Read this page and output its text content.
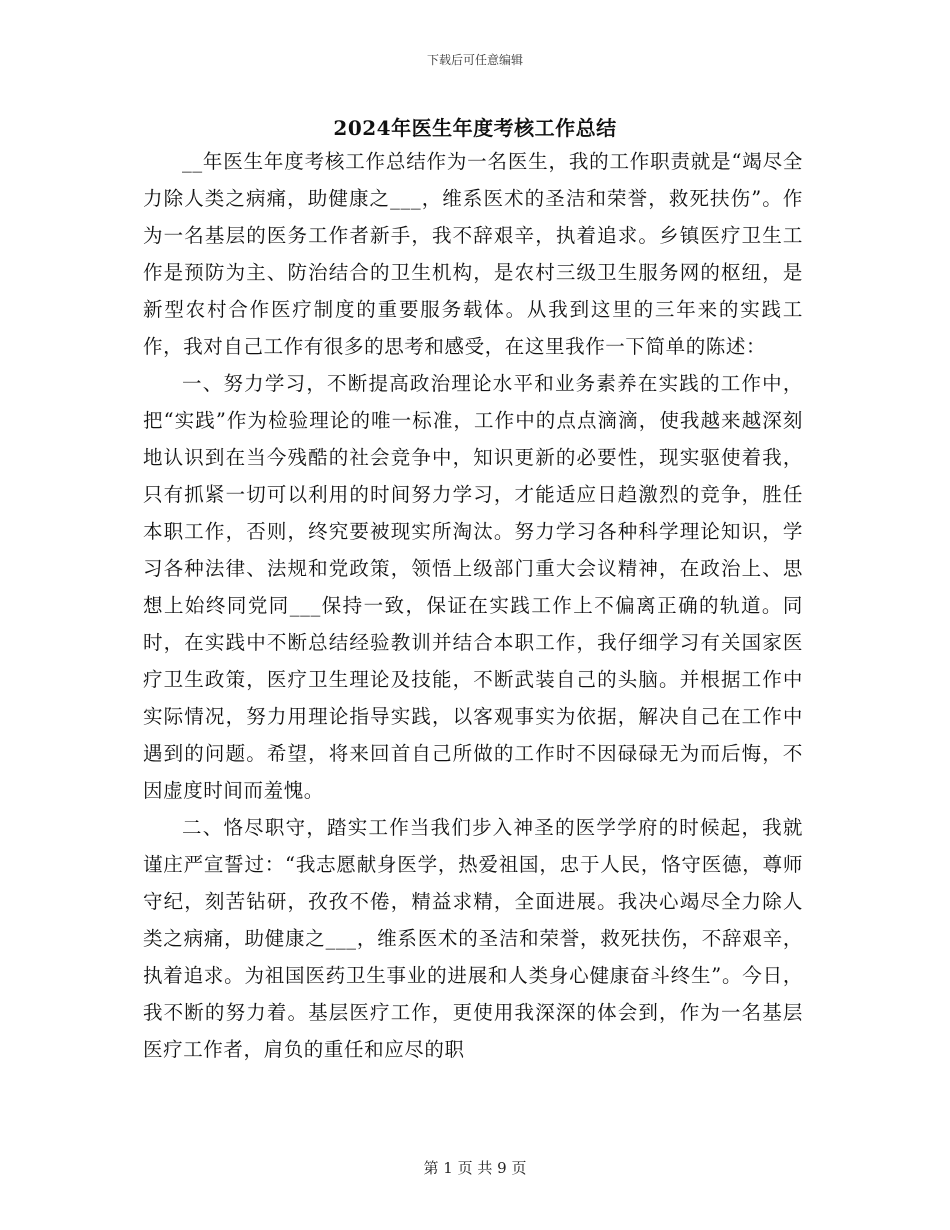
下载后可任意编辑
2024年医生年度考核工作总结

__年医生年度考核工作总结作为一名医生，我的工作职责就是“竭尽全力除人类之病痛，助健康之___，维系医术的圣洁和荣誉，救死扶伤”。作为一名基层的医务工作者新手，我不辞艰辛，执着追求。乡镇医疗卫生工作是预防为主、防治结合的卫生机构，是农村三级卫生服务网的枢纽，是新型农村合作医疗制度的重要服务载体。从我到这里的三年来的实践工作，我对自己工作有很多的思考和感受，在这里我作一下简单的陈述：

一、努力学习，不断提高政治理论水平和业务素养在实践的工作中，把“实践”作为检验理论的唯一标准，工作中的点点滴滴，使我越来越深刻地认识到在当今残酷的社会竞争中，知识更新的必要性，现实驱使着我，只有抓紧一切可以利用的时间努力学习，才能适应日趋激烈的竞争，胜任本职工作，否则，终究要被现实所淘汰。努力学习各种科学理论知识，学习各种法律、法规和党政策，领悟上级部门重大会议精神，在政治上、思想上始终同党同___保持一致，保证在实践工作上不偏离正确的轨道。同时，在实践中不断总结经验教训并结合本职工作，我仔细学习有关国家医疗卫生政策，医疗卫生理论及技能，不断武装自己的头脑。并根据工作中实际情况，努力用理论指导实践，以客观事实为依据，解决自己在工作中遇到的问题。希望，将来回首自己所做的工作时不因碌碌无为而后悔，不因虚度时间而羞愧。

二、恪尽职守，踏实工作当我们步入神圣的医学学府的时候起，我就谨庄严宣誓过：“我志愿献身医学，热爱祖国，忠于人民，恪守医德，尊师守纪，刻苦钻研，孜孜不倦，精益求精，全面进展。我决心竭尽全力除人类之病痛，助健康之___，维系医术的圣洁和荣誉，救死扶伤，不辞艰辛，执着追求。为祖国医药卫生事业的进展和人类身心健康奋斗终生”。今日，我不断的努力着。基层医疗工作，更使用我深深的体会到，作为一名基层医疗工作者，肩负的重任和应尽的职

第 1 页 共 9 页
